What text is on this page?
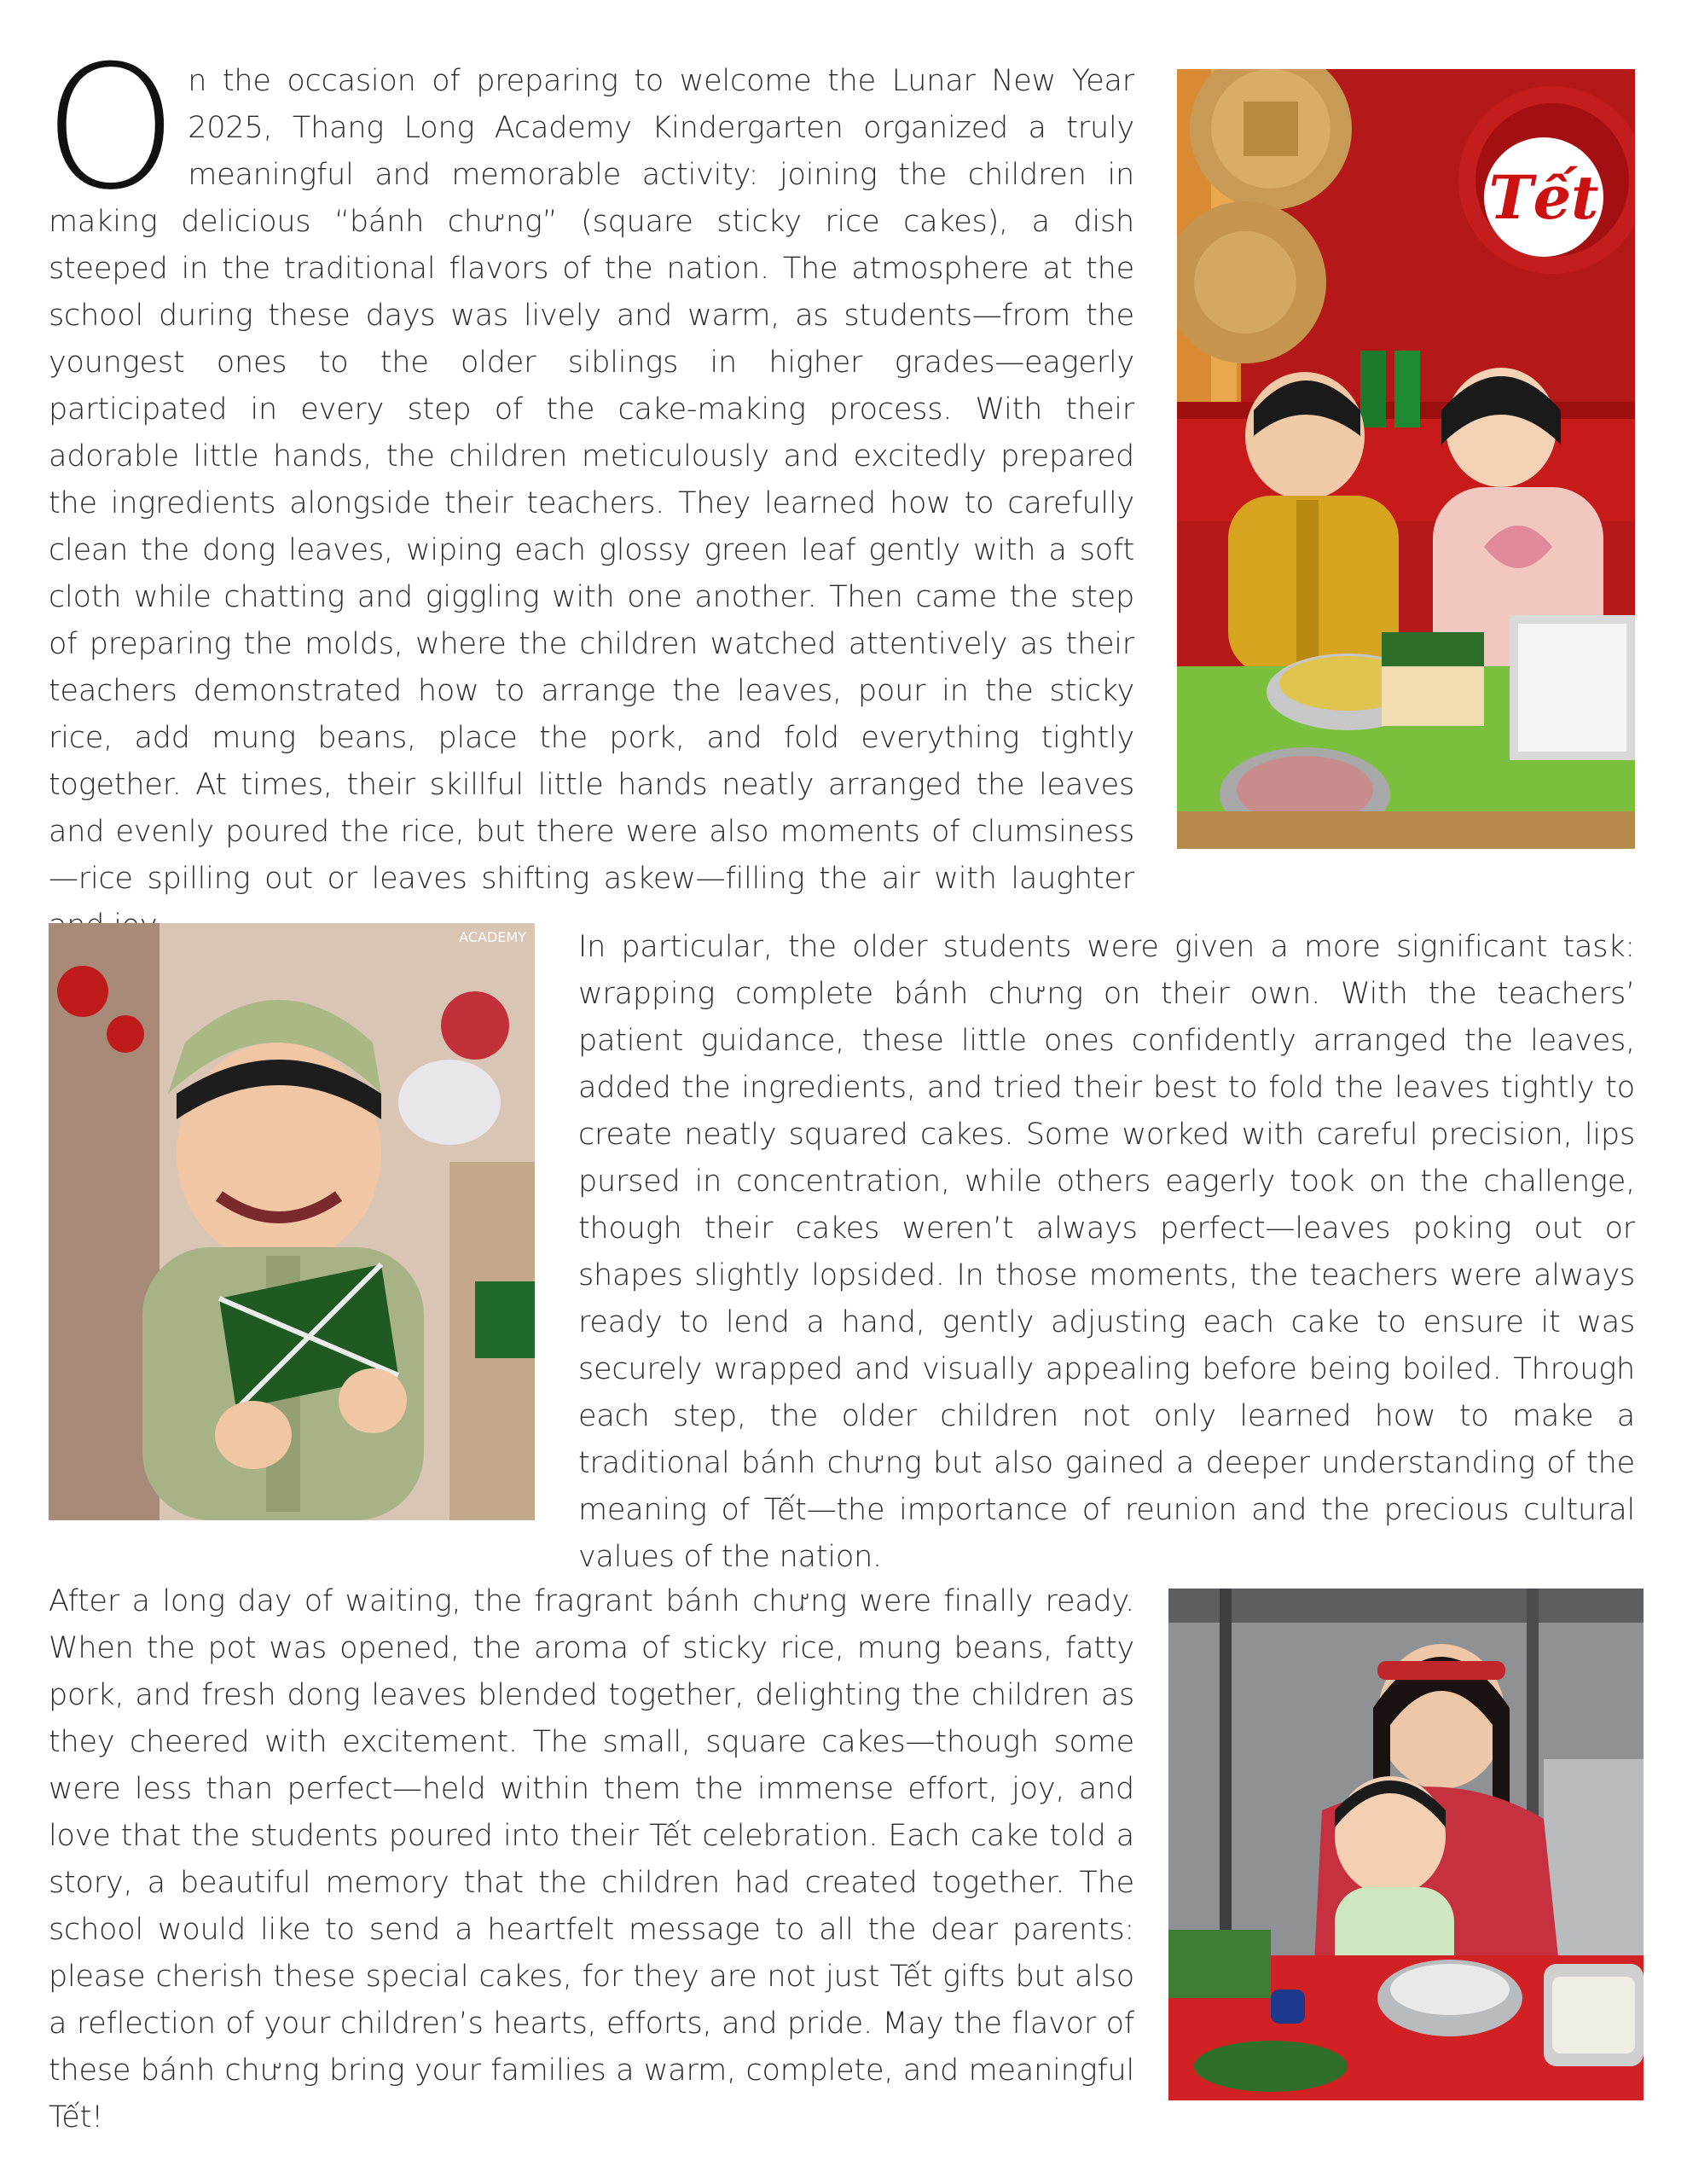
On the occasion of preparing to welcome the Lunar New Year 2025, Thang Long Academy Kindergarten organized a truly meaningful and memorable activity: joining the children in making delicious “bánh chưng” (square sticky rice cakes), a dish steeped in the traditional flavors of the nation. The atmosphere at the school during these days was lively and warm, as students—from the youngest ones to the older siblings in higher grades—eagerly participated in every step of the cake-making process. With their adorable little hands, the children meticulously and excitedly prepared the ingredients alongside their teachers. They learned how to carefully clean the dong leaves, wiping each glossy green leaf gently with a soft cloth while chatting and giggling with one another. Then came the step of preparing the molds, where the children watched attentively as their teachers demonstrated how to arrange the leaves, pour in the sticky rice, add mung beans, place the pork, and fold everything tightly together. At times, their skillful little hands neatly arranged the leaves and evenly poured the rice, but there were also moments of clumsiness—rice spilling out or leaves shifting askew—filling the air with laughter
Tết
ACADEMY In particular, the older students were given a more significant task: wrapping complete bánh chưng on their own. With the teachers’ patient guidance, these little ones confidently arranged the leaves, added the ingredients, and tried their best to fold the leaves tightly to create neatly squared cakes. Some worked with careful precision, lips pursed in concentration, while others eagerly took on the challenge, though their cakes weren’t always perfect—leaves poking out or shapes slightly lopsided. In those moments, the teachers were always ready to lend a hand, gently adjusting each cake to ensure it was securely wrapped and visually appealing before being boiled. Through each step, the older children not only learned how to make a traditional bánh chưng but also gained a deeper understanding of the meaning of Tết—the importance of reunion and the precious cultural values of the nation.

After a long day of waiting, the fragrant bánh chưng were finally ready. When the pot was opened, the aroma of sticky rice, mung beans, fatty pork, and fresh dong leaves blended together, delighting the children as they cheered with excitement. The small, square cakes—though some were less than perfect—held within them the immense effort, joy, and love that the students poured into their Tết celebration. Each cake told a story, a beautiful memory that the children had created together. The school would like to send a heartfelt message to all the dear parents: please cherish these special cakes, for they are not just Tết gifts but also a reflection of your children’s hearts, efforts, and pride. May the flavor of these bánh chưng bring your families a warm, complete, and meaningful Tết!
